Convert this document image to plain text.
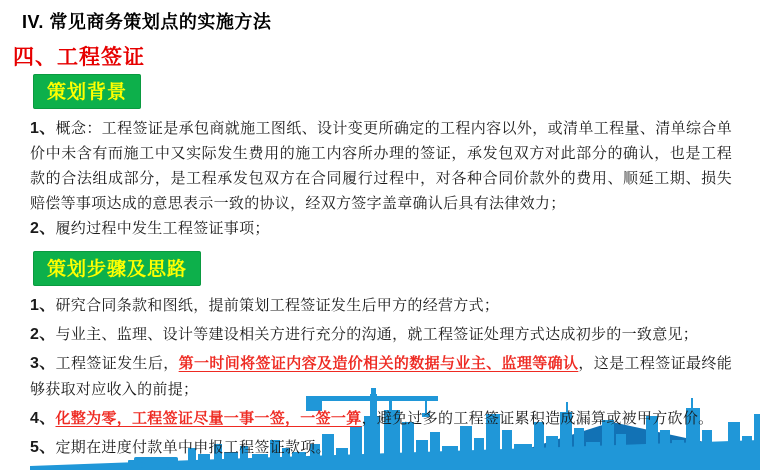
IV. 常见商务策划点的实施方法
四、工程签证
策划背景

1、概念：工程签证是承包商就施工图纸、设计变更所确定的工程内容以外，或清单工程量、清单综合单价中未含有而施工中又实际发生费用的施工内容所办理的签证，承发包双方对此部分的确认，也是工程款的合法组成部分，是工程承发包双方在合同履行过程中，对各种合同价款外的费用、顺延工期、损失赔偿等事项达成的意思表示一致的协议，经双方签字盖章确认后具有法律效力；

2、履约过程中发生工程签证事项；

策划步骤及思路

1、研究合同条款和图纸，提前策划工程签证发生后甲方的经营方式；

2、与业主、监理、设计等建设相关方进行充分的沟通，就工程签证处理方式达成初步的一致意见；

3、工程签证发生后，第一时间将签证内容及造价相关的数据与业主、监理等确认，这是工程签证最终能够获取对应收入的前提；

4、化整为零，工程签证尽量一事一签，一签一算，避免过多的工程签证累积造成漏算或被甲方砍价。

5、定期在进度付款单中申报工程签证款项。
